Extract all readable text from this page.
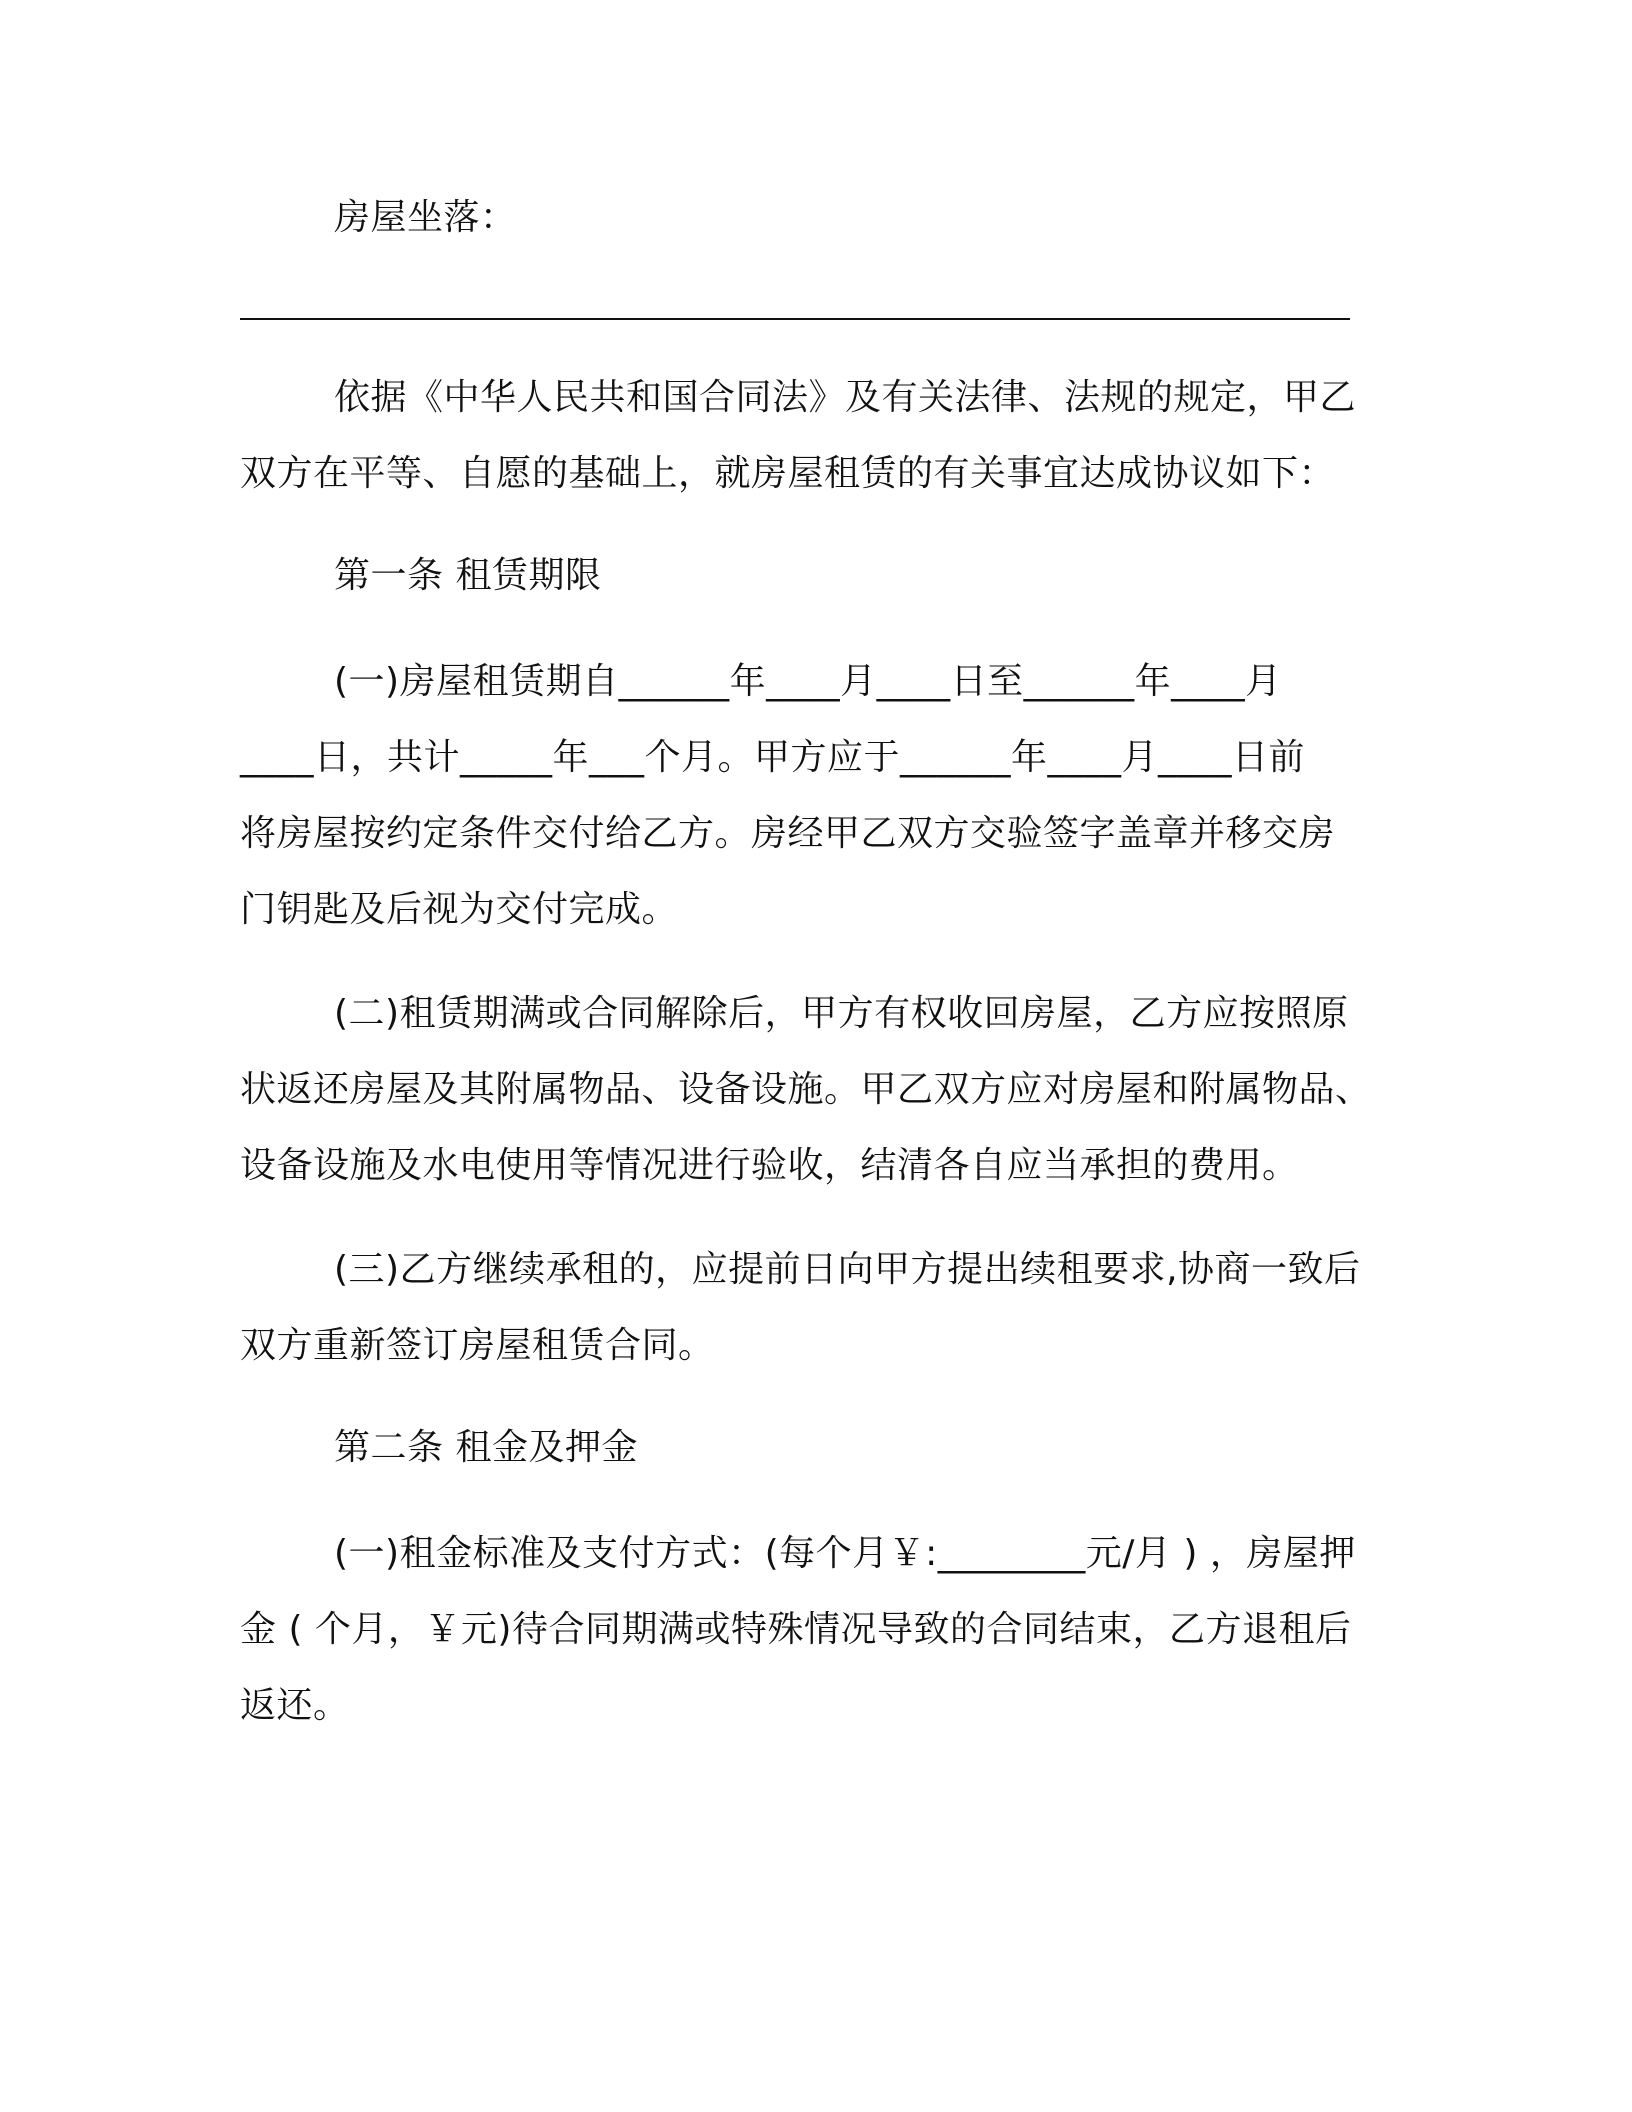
房屋坐落：
依据《中华人民共和国合同法》及有关法律、法规的规定，甲乙
双方在平等、自愿的基础上，就房屋租赁的有关事宜达成协议如下：
第一条 租赁期限
(一)房屋租赁期自______年____月____日至______年____月
____日，共计_____年___个月。甲方应于______年____月____日前
将房屋按约定条件交付给乙方。房经甲乙双方交验签字盖章并移交房
门钥匙及后视为交付完成。
(二)租赁期满或合同解除后，甲方有权收回房屋，乙方应按照原
状返还房屋及其附属物品、设备设施。甲乙双方应对房屋和附属物品、
设备设施及水电使用等情况进行验收，结清各自应当承担的费用。
(三)乙方继续承租的，应提前日向甲方提出续租要求,协商一致后
双方重新签订房屋租赁合同。
第二条 租金及押金
(一)租金标准及支付方式：(每个月￥:________元/月 ) ，房屋押
金 ( 个月，￥元)待合同期满或特殊情况导致的合同结束，乙方退租后
返还。
